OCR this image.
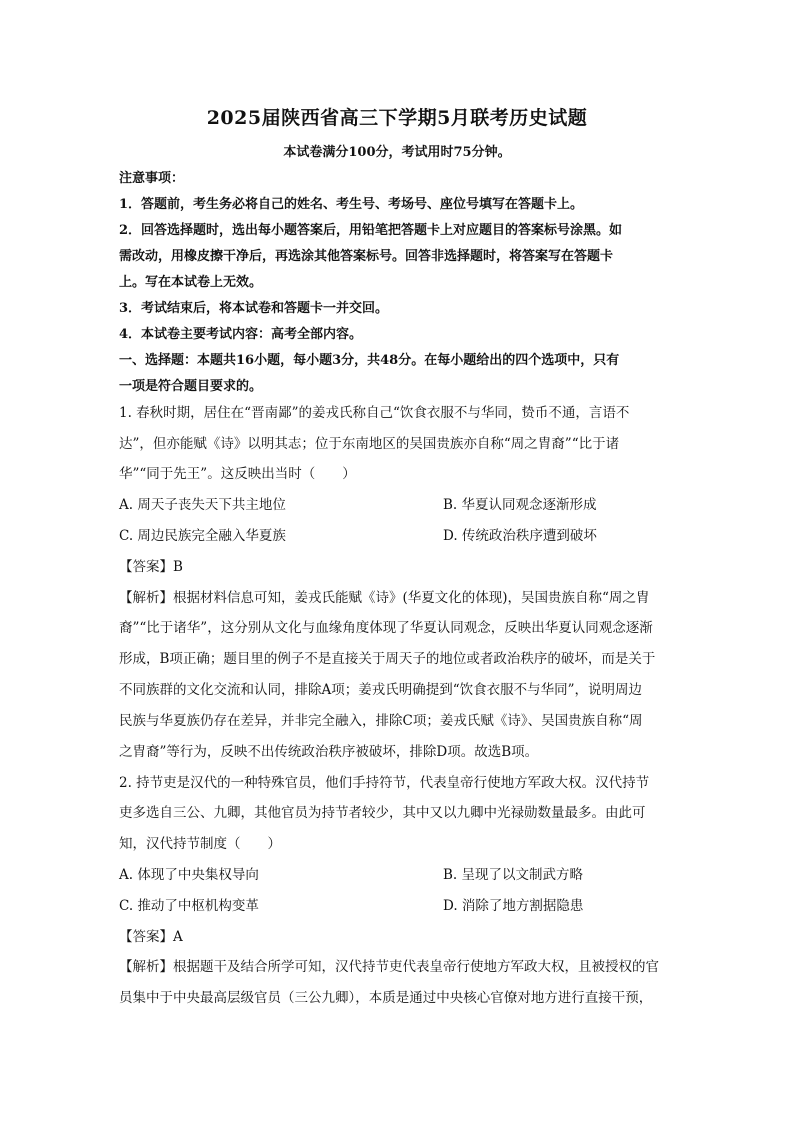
2025届陕西省高三下学期5月联考历史试题
本试卷满分100分，考试用时75分钟。
注意事项：
1．答题前，考生务必将自己的姓名、考生号、考场号、座位号填写在答题卡上。
2．回答选择题时，选出每小题答案后，用铅笔把答题卡上对应题目的答案标号涂黑。如
需改动，用橡皮擦干净后，再选涂其他答案标号。回答非选择题时，将答案写在答题卡
上。写在本试卷上无效。
3．考试结束后，将本试卷和答题卡一并交回。
4．本试卷主要考试内容：高考全部内容。
一、选择题：本题共16小题，每小题3分，共48分。在每小题给出的四个选项中，只有
一项是符合题目要求的。
1. 春秋时期，居住在“晋南鄙”的姜戎氏称自己“饮食衣服不与华同，贽币不通，言语不
达”，但亦能赋《诗》以明其志；位于东南地区的吴国贵族亦自称“周之胄裔”“比于诸
华”“同于先王”。这反映出当时（　　）
A. 周天子丧失天下共主地位	B. 华夏认同观念逐渐形成
C. 周边民族完全融入华夏族	D. 传统政治秩序遭到破坏
【答案】B
【解析】根据材料信息可知，姜戎氏能赋《诗》(华夏文化的体现)，吴国贵族自称“周之胄
裔”“比于诸华”，这分别从文化与血缘角度体现了华夏认同观念，反映出华夏认同观念逐渐
形成，B项正确；题目里的例子不是直接关于周天子的地位或者政治秩序的破坏，而是关于
不同族群的文化交流和认同，排除A项；姜戎氏明确提到“饮食衣服不与华同”，说明周边
民族与华夏族仍存在差异，并非完全融入，排除C项；姜戎氏赋《诗》、吴国贵族自称“周
之胄裔”等行为，反映不出传统政治秩序被破坏，排除D项。故选B项。
2. 持节吏是汉代的一种特殊官员，他们手持符节，代表皇帝行使地方军政大权。汉代持节
吏多选自三公、九卿，其他官员为持节者较少，其中又以九卿中光禄勋数量最多。由此可
知，汉代持节制度（　　）
A. 体现了中央集权导向	B. 呈现了以文制武方略
C. 推动了中枢机构变革	D. 消除了地方割据隐患
【答案】A
【解析】根据题干及结合所学可知，汉代持节吏代表皇帝行使地方军政大权，且被授权的官
员集中于中央最高层级官员（三公九卿），本质是通过中央核心官僚对地方进行直接干预，
